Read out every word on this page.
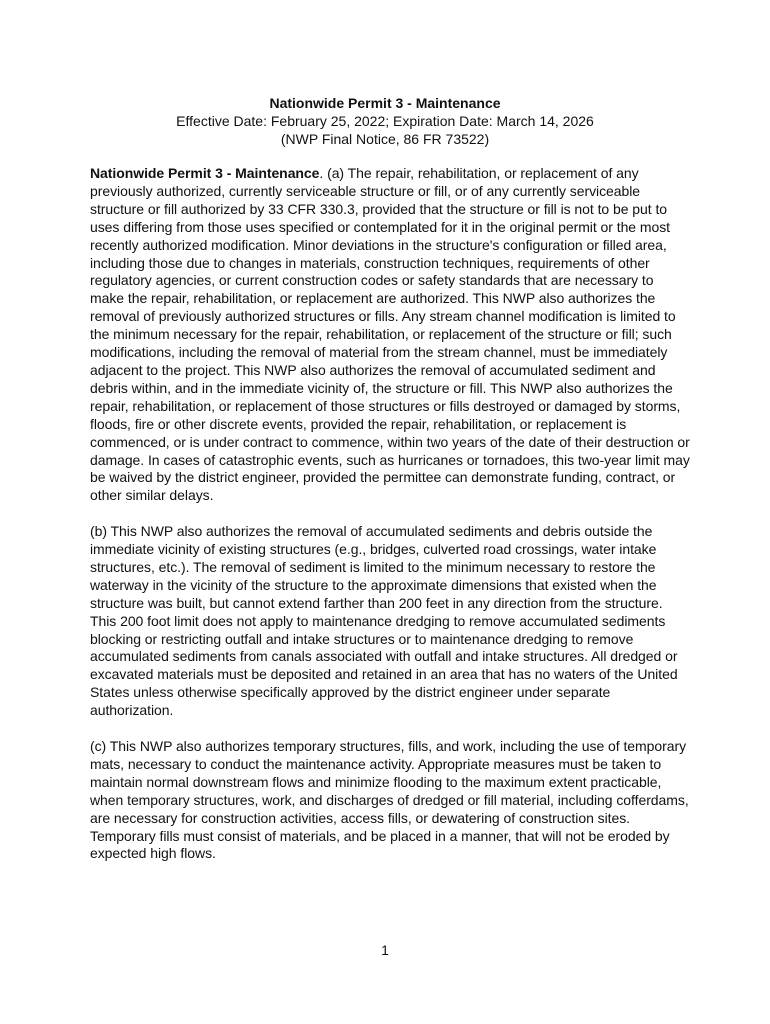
Nationwide Permit 3 - Maintenance
Effective Date: February 25, 2022; Expiration Date: March 14, 2026
(NWP Final Notice, 86 FR 73522)

Nationwide Permit 3 - Maintenance. (a) The repair, rehabilitation, or replacement of any previously authorized, currently serviceable structure or fill, or of any currently serviceable structure or fill authorized by 33 CFR 330.3, provided that the structure or fill is not to be put to uses differing from those uses specified or contemplated for it in the original permit or the most recently authorized modification. Minor deviations in the structure's configuration or filled area, including those due to changes in materials, construction techniques, requirements of other regulatory agencies, or current construction codes or safety standards that are necessary to make the repair, rehabilitation, or replacement are authorized. This NWP also authorizes the removal of previously authorized structures or fills. Any stream channel modification is limited to the minimum necessary for the repair, rehabilitation, or replacement of the structure or fill; such modifications, including the removal of material from the stream channel, must be immediately adjacent to the project. This NWP also authorizes the removal of accumulated sediment and debris within, and in the immediate vicinity of, the structure or fill. This NWP also authorizes the repair, rehabilitation, or replacement of those structures or fills destroyed or damaged by storms, floods, fire or other discrete events, provided the repair, rehabilitation, or replacement is commenced, or is under contract to commence, within two years of the date of their destruction or damage. In cases of catastrophic events, such as hurricanes or tornadoes, this two-year limit may be waived by the district engineer, provided the permittee can demonstrate funding, contract, or other similar delays.

(b) This NWP also authorizes the removal of accumulated sediments and debris outside the immediate vicinity of existing structures (e.g., bridges, culverted road crossings, water intake structures, etc.). The removal of sediment is limited to the minimum necessary to restore the waterway in the vicinity of the structure to the approximate dimensions that existed when the structure was built, but cannot extend farther than 200 feet in any direction from the structure. This 200 foot limit does not apply to maintenance dredging to remove accumulated sediments blocking or restricting outfall and intake structures or to maintenance dredging to remove accumulated sediments from canals associated with outfall and intake structures. All dredged or excavated materials must be deposited and retained in an area that has no waters of the United States unless otherwise specifically approved by the district engineer under separate authorization.

(c) This NWP also authorizes temporary structures, fills, and work, including the use of temporary mats, necessary to conduct the maintenance activity. Appropriate measures must be taken to maintain normal downstream flows and minimize flooding to the maximum extent practicable, when temporary structures, work, and discharges of dredged or fill material, including cofferdams, are necessary for construction activities, access fills, or dewatering of construction sites. Temporary fills must consist of materials, and be placed in a manner, that will not be eroded by expected high flows.

1
